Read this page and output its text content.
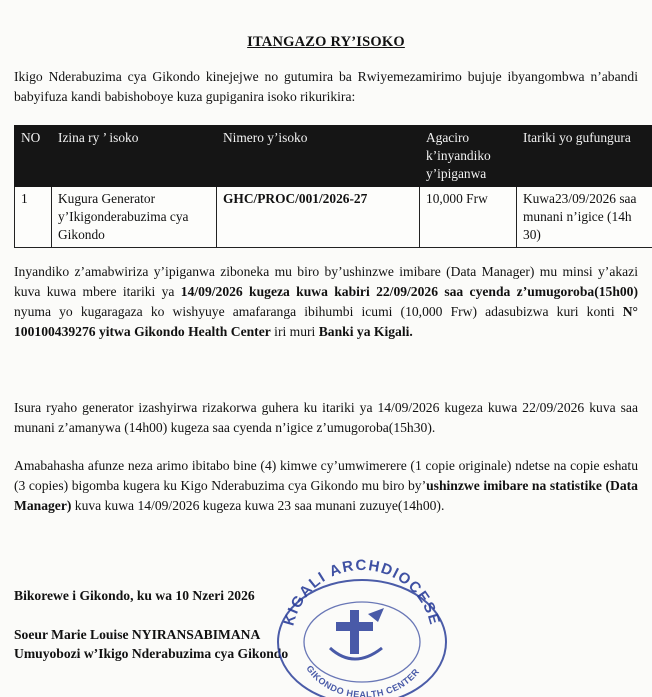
ITANGAZO RY’ISOKO

Ikigo Nderabuzima cya Gikondo kinejejwe no gutumira ba Rwiyemezamirimo bujuje ibyangombwa n’abandi babyifuza kandi babishoboye kuza gupiganira isoko rikurikira:

NO	Izina ry ’ isoko	Nimero y’isoko	Agaciro k’inyandiko y’ipiganwa	Itariki yo gufungura
1	Kugura Generator y’Ikigonderabuzima cya Gikondo	GHC/PROC/001/2026-27	10,000 Frw	Kuwa23/09/2026 saa munani n’igice (14h 30)

Inyandiko z’amabwiriza y’ipiganwa ziboneka mu biro by’ushinzwe imibare (Data Manager) mu minsi y’akazi kuva kuwa mbere itariki ya 14/09/2026 kugeza kuwa kabiri 22/09/2026 saa cyenda z’umugoroba(15h00) nyuma yo kugaragaza ko wishyuye amafaranga ibihumbi icumi (10,000 Frw) adasubizwa kuri konti N° 100100439276 yitwa Gikondo Health Center iri muri Banki ya Kigali.

Isura ryaho generator izashyirwa rizakorwa guhera ku itariki ya 14/09/2026 kugeza kuwa 22/09/2026 kuva saa munani z’amanywa (14h00) kugeza saa cyenda n’igice z’umugoroba(15h30).

Amabahasha afunze neza arimo ibitabo bine (4) kimwe cy’umwimerere (1 copie originale) ndetse na copie eshatu (3 copies) bigomba kugera ku Kigo Nderabuzima cya Gikondo mu biro by’ushinzwe imibare na statistike (Data Manager) kuva kuwa 14/09/2026 kugeza kuwa 23 saa munani zuzuye(14h00).

Bikorewe i Gikondo, ku wa 10 Nzeri 2026
Soeur Marie Louise NYIRANSABIMANA
Umuyobozi w’Ikigo Nderabuzima cya Gikondo
KIGALI ARCHDIOCESE
GIKONDO HEALTH CENTER
